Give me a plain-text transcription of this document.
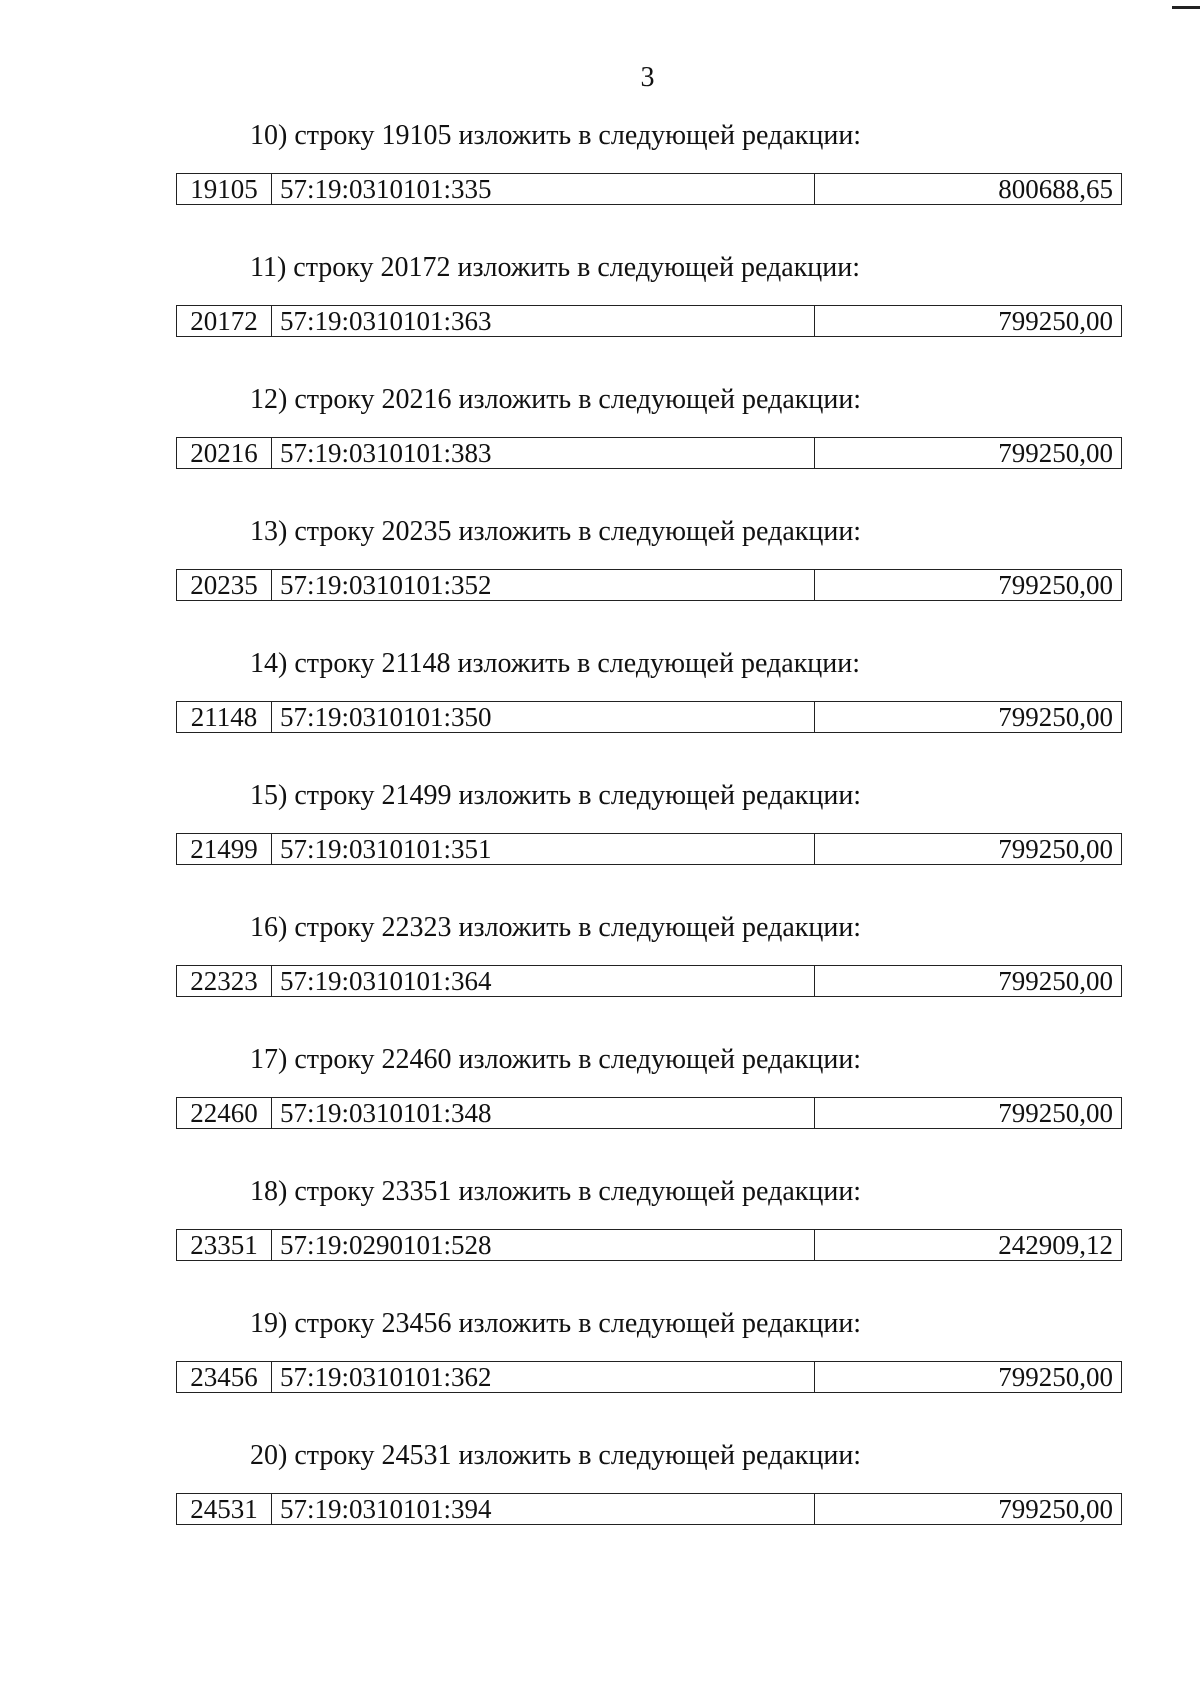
3
10) строку 19105 изложить в следующей редакции:
19105 57:19:0310101:335	800688,65
11) строку 20172 изложить в следующей редакции:
20172 57:19:0310101:363	799250,00
12) строку 20216 изложить в следующей редакции:
20216 57:19:0310101:383	799250,00
13) строку 20235 изложить в следующей редакции:
20235 57:19:0310101:352	799250,00
14) строку 21148 изложить в следующей редакции:
21148 57:19:0310101:350	799250,00
15) строку 21499 изложить в следующей редакции:
21499 57:19:0310101:351	799250,00
16) строку 22323 изложить в следующей редакции:
22323 57:19:0310101:364	799250,00
17) строку 22460 изложить в следующей редакции:
22460 57:19:0310101:348	799250,00
18) строку 23351 изложить в следующей редакции:
23351 57:19:0290101:528	242909,12
19) строку 23456 изложить в следующей редакции:
23456 57:19:0310101:362	799250,00
20) строку 24531 изложить в следующей редакции:
24531 57:19:0310101:394	799250,00
